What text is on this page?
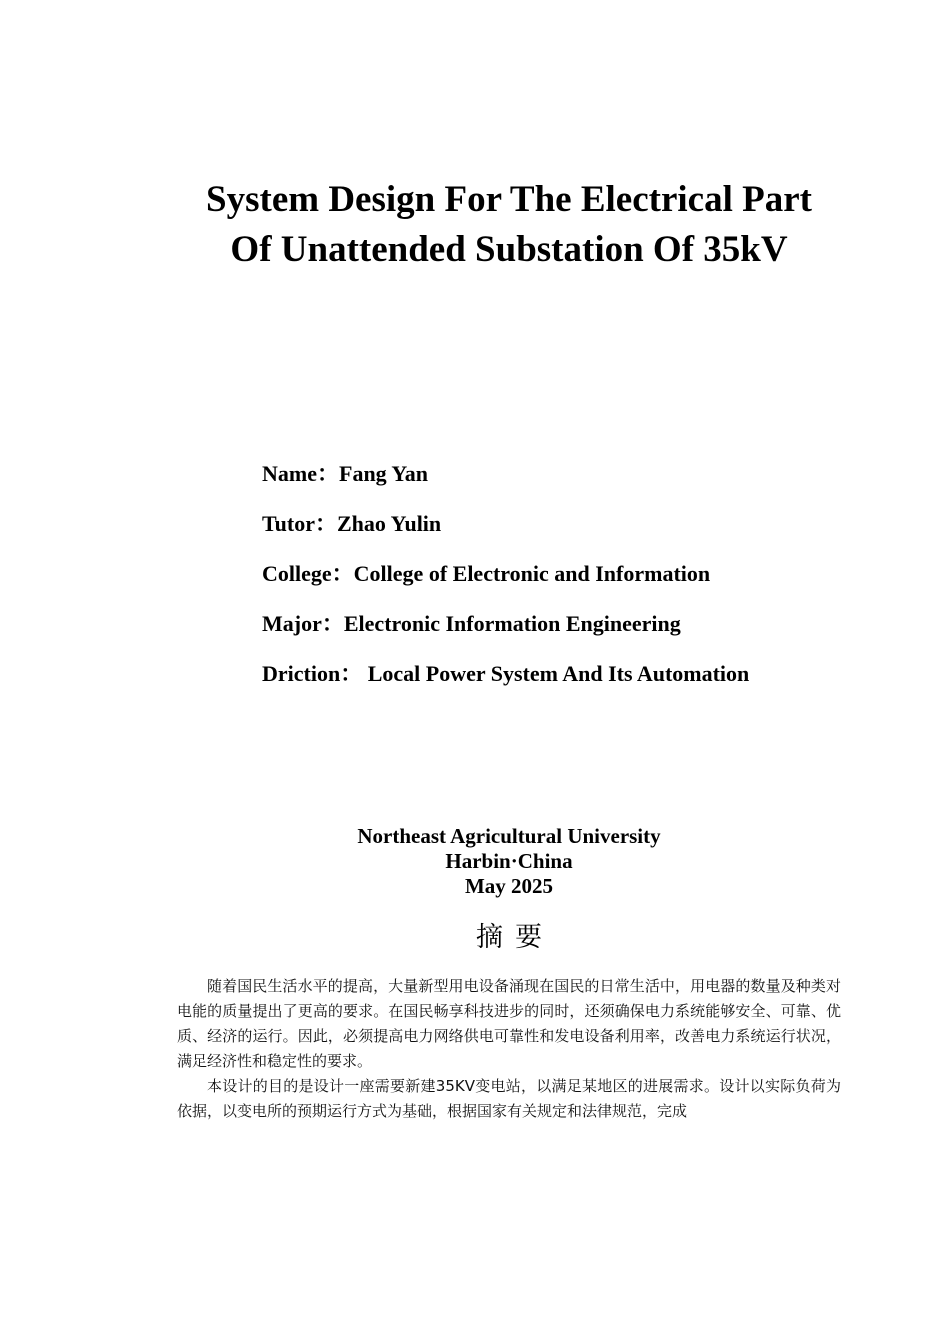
System Design For The Electrical Part
Of Unattended Substation Of 35kV
Name：Fang Yan
Tutor：Zhao Yulin
College：College of Electronic and Information
Major：Electronic Information Engineering
Driction： Local Power System And Its Automation
Northeast Agricultural University
Harbin·China
May 2025
摘要

随着国民生活水平的提高，大量新型用电设备涌现在国民的日常生活中，用电器的数量及种类对电能的质量提出了更高的要求。在国民畅享科技进步的同时，还须确保电力系统能够安全、可靠、优质、经济的运行。因此，必须提高电力网络供电可靠性和发电设备利用率，改善电力系统运行状况，满足经济性和稳定性的要求。

本设计的目的是设计一座需要新建35KV变电站，以满足某地区的进展需求。设计以实际负荷为依据，以变电所的预期运行方式为基础，根据国家有关规定和法律规范，完成
